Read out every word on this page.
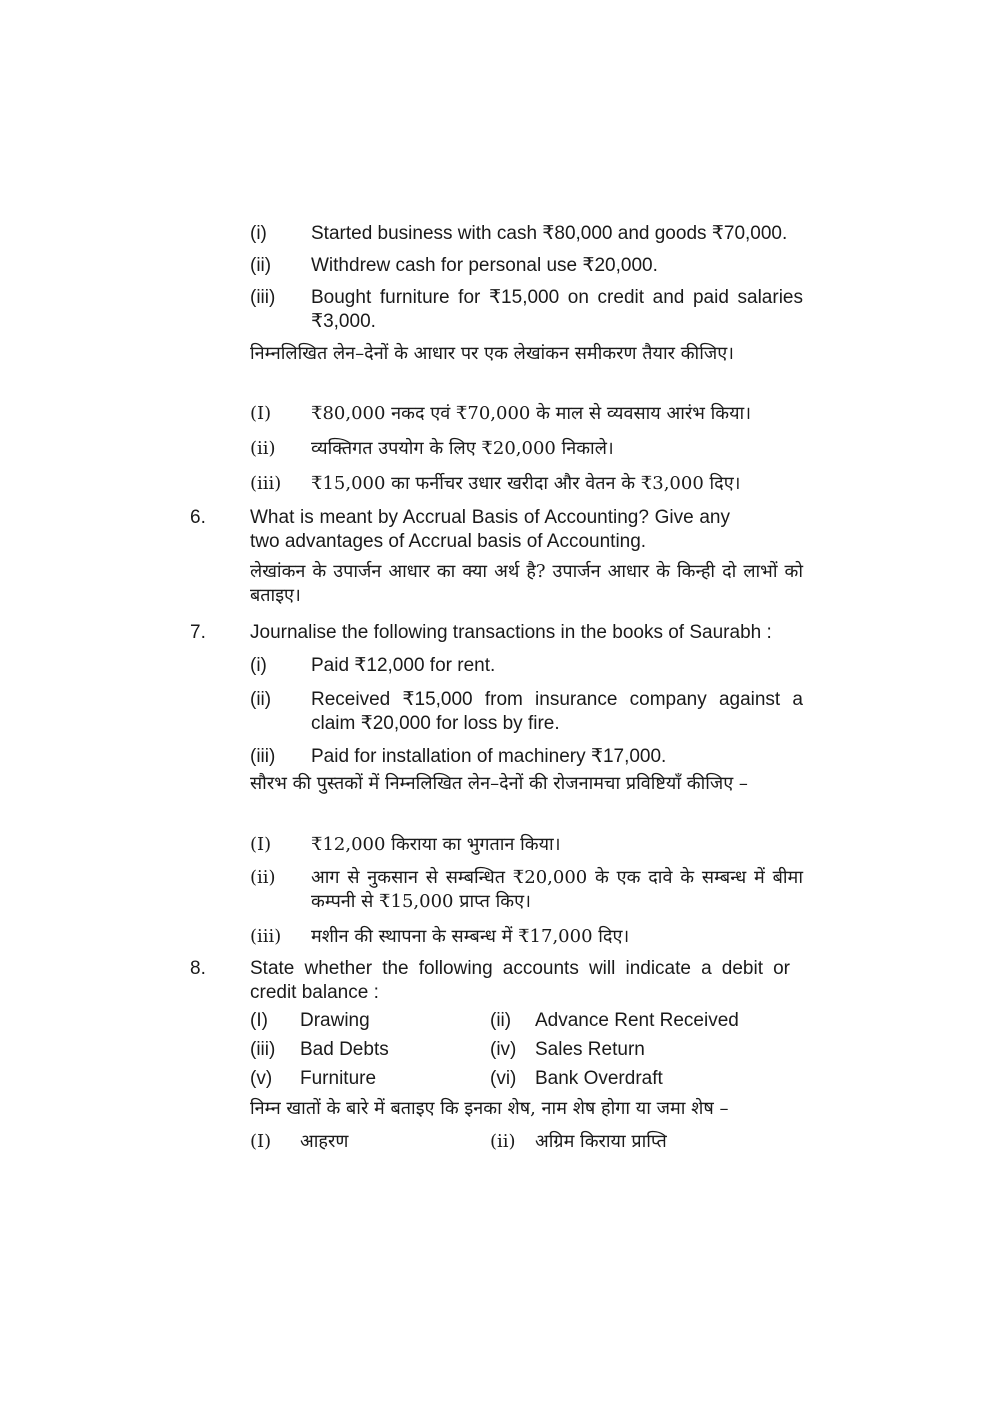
(i) Started business with cash ₹80,000 and goods ₹70,000.
(ii) Withdrew cash for personal use ₹20,000.
(iii) Bought furniture for ₹15,000 on credit and paid salaries ₹3,000.
निम्नलिखित लेन–देनों के आधार पर एक लेखांकन समीकरण तैयार कीजिए।
(I) ₹80,000 नकद एवं ₹70,000 के माल से व्यवसाय आरंभ किया।
(ii) व्यक्तिगत उपयोग के लिए ₹20,000 निकाले।
(iii) ₹15,000 का फर्नीचर उधार खरीदा और वेतन के ₹3,000 दिए।
6. What is meant by Accrual Basis of Accounting? Give any two advantages of Accrual basis of Accounting.
लेखांकन के उपार्जन आधार का क्या अर्थ है? उपार्जन आधार के किन्ही दो लाभों को बताइए।
7. Journalise the following transactions in the books of Saurabh :
(i) Paid ₹12,000 for rent.
(ii) Received ₹15,000 from insurance company against a claim ₹20,000 for loss by fire.
(iii) Paid for installation of machinery ₹17,000.
सौरभ की पुस्तकों में निम्नलिखित लेन–देनों की रोजनामचा प्रविष्टियाँ कीजिए –
(I) ₹12,000 किराया का भुगतान किया।
(ii) आग से नुकसान से सम्बन्धित ₹20,000 के एक दावे के सम्बन्ध में बीमा कम्पनी से ₹15,000 प्राप्त किए।
(iii) मशीन की स्थापना के सम्बन्ध में ₹17,000 दिए।
8. State whether the following accounts will indicate a debit or credit balance :
(I) Drawing	(ii) Advance Rent Received
(iii) Bad Debts	(iv) Sales Return
(v) Furniture	(vi) Bank Overdraft
निम्न खातों के बारे में बताइए कि इनका शेष, नाम शेष होगा या जमा शेष –
(I) आहरण	(ii) अग्रिम किराया प्राप्ति
